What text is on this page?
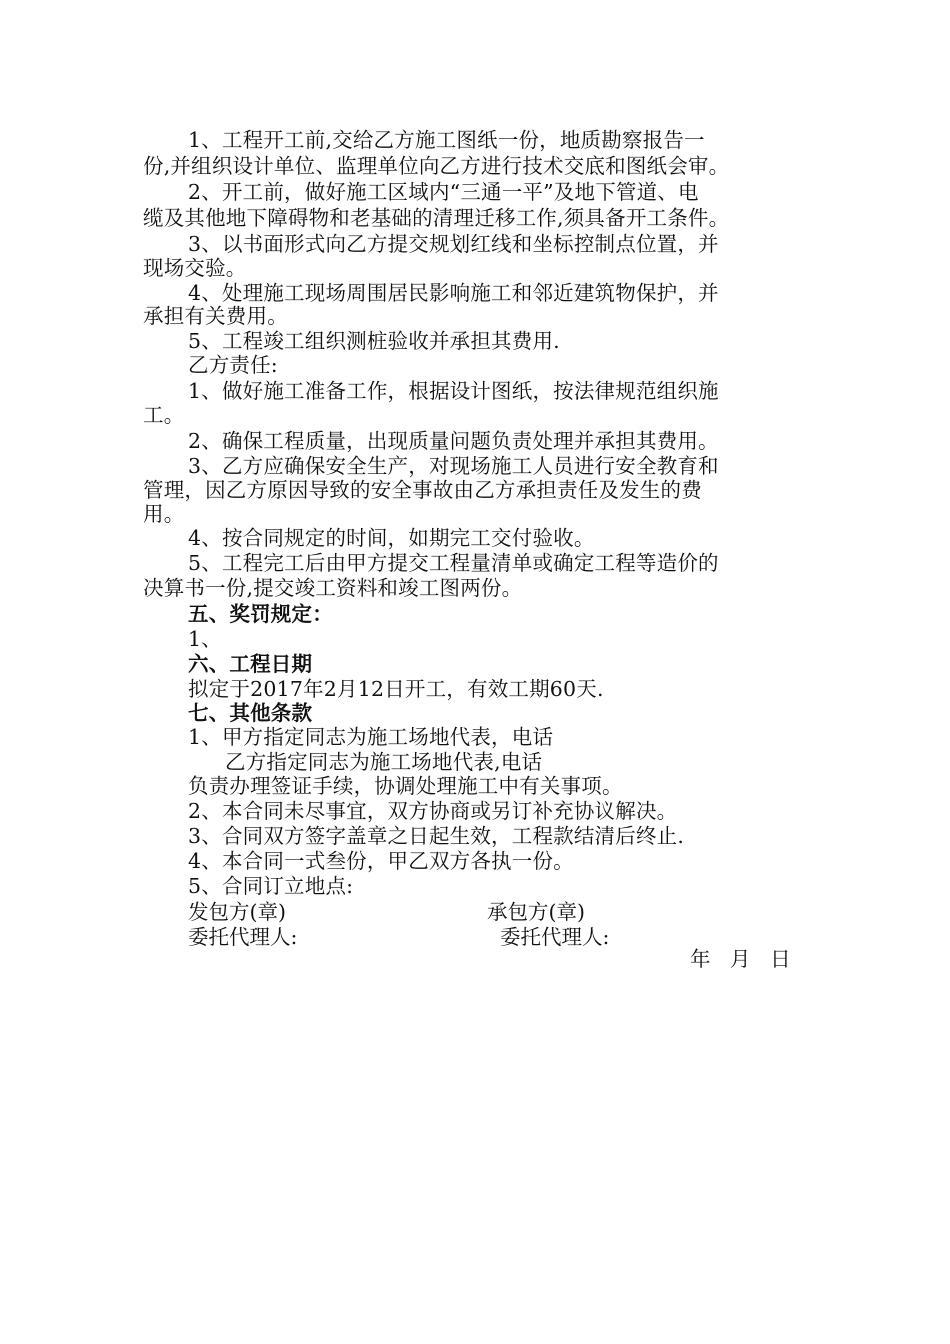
1、工程开工前,交给乙方施工图纸一份，地质勘察报告一
份,并组织设计单位、监理单位向乙方进行技术交底和图纸会审。
2、开工前，做好施工区域内“三通一平”及地下管道、电
缆及其他地下障碍物和老基础的清理迁移工作,须具备开工条件。
3、以书面形式向乙方提交规划红线和坐标控制点位置，并
现场交验。
4、处理施工现场周围居民影响施工和邻近建筑物保护，并
承担有关费用。
5、工程竣工组织测桩验收并承担其费用.
乙方责任:
1、做好施工准备工作，根据设计图纸，按法律规范组织施
工。
2、确保工程质量，出现质量问题负责处理并承担其费用。
3、乙方应确保安全生产，对现场施工人员进行安全教育和
管理，因乙方原因导致的安全事故由乙方承担责任及发生的费
用。
4、按合同规定的时间，如期完工交付验收。
5、工程完工后由甲方提交工程量清单或确定工程等造价的
决算书一份,提交竣工资料和竣工图两份。
五、奖罚规定：
1、
六、工程日期
拟定于2017年2月12日开工，有效工期60天.
七、其他条款
1、甲方指定同志为施工场地代表，电话
乙方指定同志为施工场地代表,电话
负责办理签证手续，协调处理施工中有关事项。
2、本合同未尽事宜，双方协商或另订补充协议解决。
3、合同双方签字盖章之日起生效，工程款结清后终止.
4、本合同一式叁份，甲乙双方各执一份。
5、合同订立地点:
发包方(章)	承包方(章)
委托代理人:	委托代理人:
年   月   日
